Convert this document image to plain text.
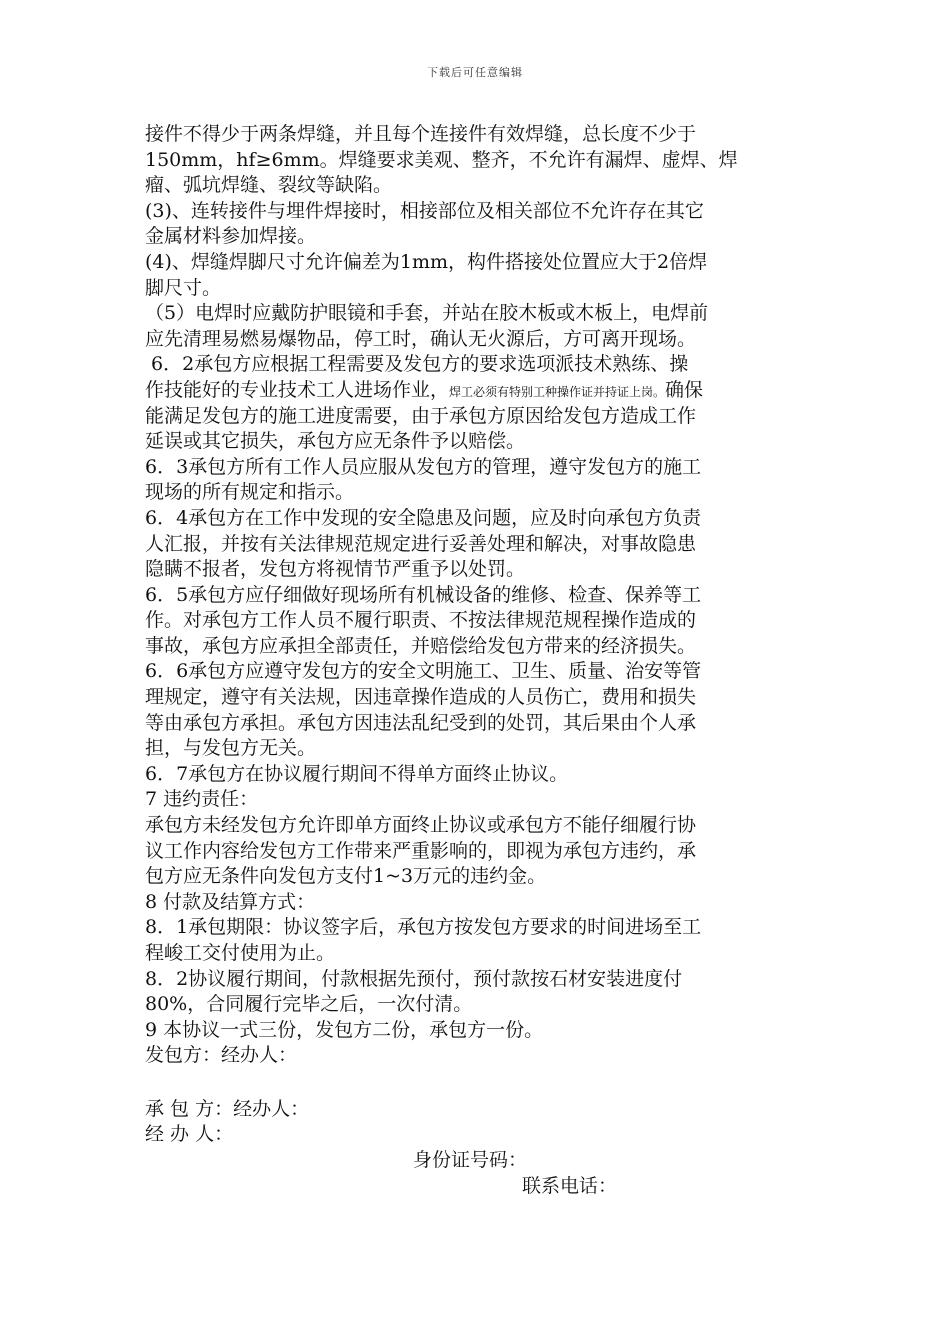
下载后可任意编辑
接件不得少于两条焊缝，并且每个连接件有效焊缝，总长度不少于
150mm，hf≥6mm。焊缝要求美观、整齐，不允许有漏焊、虚焊、焊
瘤、弧坑焊缝、裂纹等缺陷。
(3)、连转接件与埋件焊接时，相接部位及相关部位不允许存在其它
金属材料参加焊接。
(4)、焊缝焊脚尺寸允许偏差为1mm，构件搭接处位置应大于2倍焊
脚尺寸。
（5）电焊时应戴防护眼镜和手套，并站在胶木板或木板上，电焊前
应先清理易燃易爆物品，停工时，确认无火源后，方可离开现场。
6．2承包方应根据工程需要及发包方的要求选项派技术熟练、操
作技能好的专业技术工人进场作业，焊工必须有特别工种操作证并持证上岗。确保
能满足发包方的施工进度需要，由于承包方原因给发包方造成工作
延误或其它损失，承包方应无条件予以赔偿。
6．3承包方所有工作人员应服从发包方的管理，遵守发包方的施工
现场的所有规定和指示。
6．4承包方在工作中发现的安全隐患及问题，应及时向承包方负责
人汇报，并按有关法律规范规定进行妥善处理和解决，对事故隐患
隐瞒不报者，发包方将视情节严重予以处罚。
6．5承包方应仔细做好现场所有机械设备的维修、检查、保养等工
作。对承包方工作人员不履行职责、不按法律规范规程操作造成的
事故，承包方应承担全部责任，并赔偿给发包方带来的经济损失。
6．6承包方应遵守发包方的安全文明施工、卫生、质量、治安等管
理规定，遵守有关法规，因违章操作造成的人员伤亡，费用和损失
等由承包方承担。承包方因违法乱纪受到的处罚，其后果由个人承
担，与发包方无关。
6．7承包方在协议履行期间不得单方面终止协议。
7 违约责任：
承包方未经发包方允许即单方面终止协议或承包方不能仔细履行协
议工作内容给发包方工作带来严重影响的，即视为承包方违约，承
包方应无条件向发包方支付1~3万元的违约金。
8 付款及结算方式：
8．1承包期限：协议签字后，承包方按发包方要求的时间进场至工
程峻工交付使用为止。
8．2协议履行期间，付款根据先预付，预付款按石材安装进度付
80%，合同履行完毕之后，一次付清。
9 本协议一式三份，发包方二份，承包方一份。
发包方：经办人：
承 包 方：经办人：
经 办 人：
身份证号码：
联系电话：
